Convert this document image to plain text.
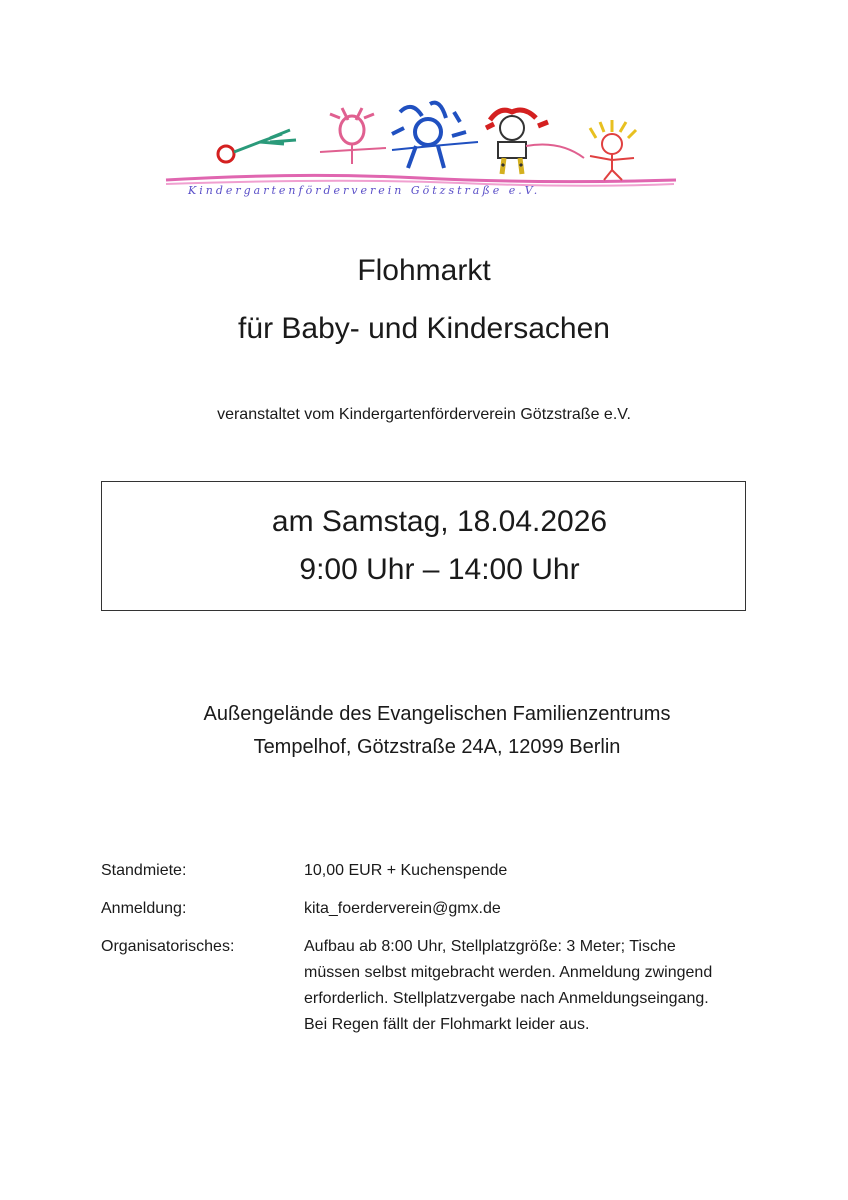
Kindergartenförderverein Götzstraße e.V.
Flohmarkt
für Baby- und Kindersachen
veranstaltet vom Kindergartenförderverein Götzstraße e.V.
am Samstag, 18.04.2026
9:00 Uhr – 14:00 Uhr
Außengelände des Evangelischen Familienzentrums
Tempelhof, Götzstraße 24A, 12099 Berlin
Standmiete:	10,00 EUR + Kuchenspende
Anmeldung:	kita_foerderverein@gmx.de
Organisatorisches:	Aufbau ab 8:00 Uhr, Stellplatzgröße: 3 Meter; Tische müssen selbst mitgebracht werden. Anmeldung zwingend erforderlich. Stellplatzvergabe nach Anmeldungseingang. Bei Regen fällt der Flohmarkt leider aus.
